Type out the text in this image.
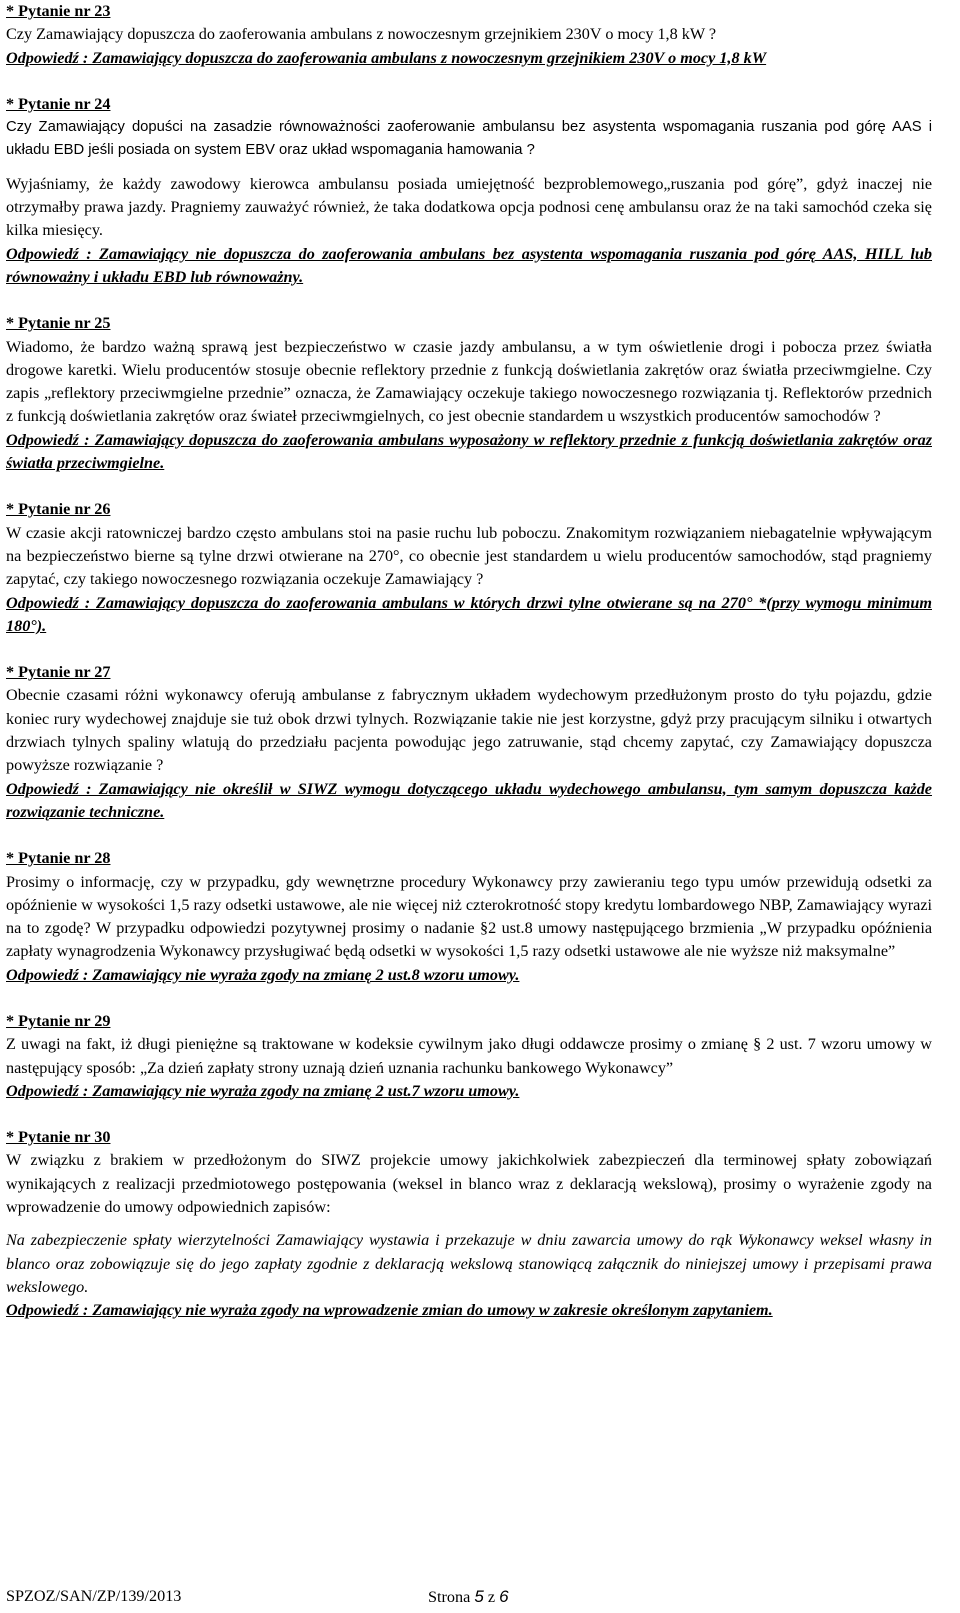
* Pytanie nr 23
Czy Zamawiający dopuszcza do zaoferowania ambulans z nowoczesnym grzejnikiem 230V o mocy 1,8 kW ?
Odpowiedź : Zamawiający dopuszcza do zaoferowania ambulans z nowoczesnym grzejnikiem 230V o mocy 1,8 kW
* Pytanie nr 24
Czy Zamawiający dopuści na zasadzie równoważności zaoferowanie ambulansu bez asystenta wspomagania ruszania pod górę AAS i układu EBD jeśli posiada on system EBV oraz układ wspomagania hamowania ?
Wyjaśniamy, że każdy zawodowy kierowca ambulansu posiada umiejętność bezproblemowego„ruszania pod górę”, gdyż inaczej nie otrzymałby prawa jazdy. Pragniemy zauważyć również, że taka dodatkowa opcja podnosi cenę ambulansu oraz że na taki samochód czeka się kilka miesięcy.
Odpowiedź : Zamawiający nie dopuszcza do zaoferowania ambulans bez asystenta wspomagania ruszania pod górę AAS, HILL lub równoważny i układu EBD lub równoważny.
* Pytanie nr 25
Wiadomo, że bardzo ważną sprawą jest bezpieczeństwo w czasie jazdy ambulansu, a w tym oświetlenie drogi i pobocza przez światła drogowe karetki. Wielu producentów stosuje obecnie reflektory przednie z funkcją doświetlania zakrętów oraz światła przeciwmgielne. Czy zapis „reflektory przeciwmgielne przednie” oznacza, że Zamawiający oczekuje takiego nowoczesnego rozwiązania tj. Reflektorów przednich z funkcją doświetlania zakrętów oraz świateł przeciwmgielnych, co jest obecnie standardem u wszystkich producentów samochodów ?
Odpowiedź : Zamawiający dopuszcza do zaoferowania ambulans wyposażony w reflektory przednie z funkcją doświetlania zakrętów oraz światła przeciwmgielne.
* Pytanie nr 26
W czasie akcji ratowniczej bardzo często ambulans stoi na pasie ruchu lub poboczu. Znakomitym rozwiązaniem niebagatelnie wpływającym na bezpieczeństwo bierne są tylne drzwi otwierane na 270°, co obecnie jest standardem u wielu producentów samochodów, stąd pragniemy zapytać, czy takiego nowoczesnego rozwiązania oczekuje Zamawiający ?
Odpowiedź : Zamawiający dopuszcza do zaoferowania ambulans w których drzwi tylne otwierane są na 270° *(przy wymogu minimum 180°).
* Pytanie nr 27
Obecnie czasami różni wykonawcy oferują ambulanse z fabrycznym układem wydechowym przedłużonym prosto do tyłu pojazdu, gdzie koniec rury wydechowej znajduje sie tuż obok drzwi tylnych. Rozwiązanie takie nie jest korzystne, gdyż przy pracującym silniku i otwartych drzwiach tylnych spaliny wlatują do przedziału pacjenta powodując jego zatruwanie, stąd chcemy zapytać, czy Zamawiający dopuszcza powyższe rozwiązanie ?
Odpowiedź : Zamawiający nie określił w SIWZ wymogu dotyczącego układu wydechowego ambulansu, tym samym dopuszcza każde rozwiązanie techniczne.
* Pytanie nr 28
Prosimy o informację, czy w przypadku, gdy wewnętrzne procedury Wykonawcy przy zawieraniu tego typu umów przewidują odsetki za opóźnienie w wysokości 1,5 razy odsetki ustawowe, ale nie więcej niż czterokrotność stopy kredytu lombardowego NBP, Zamawiający wyrazi na to zgodę? W przypadku odpowiedzi pozytywnej prosimy o nadanie §2 ust.8 umowy następującego brzmienia „W przypadku opóźnienia zapłaty wynagrodzenia Wykonawcy przysługiwać będą odsetki w wysokości 1,5 razy odsetki ustawowe ale nie wyższe niż maksymalne”
Odpowiedź : Zamawiający nie wyraża zgody na zmianę 2 ust.8 wzoru umowy.
* Pytanie nr 29
Z uwagi na fakt, iż długi pieniężne są traktowane w kodeksie cywilnym jako długi oddawcze prosimy o zmianę § 2 ust. 7 wzoru umowy w następujący sposób: „Za dzień zapłaty strony uznają dzień uznania rachunku bankowego Wykonawcy”
Odpowiedź : Zamawiający nie wyraża zgody na zmianę 2 ust.7 wzoru umowy.
* Pytanie nr 30
W związku z brakiem w przedłożonym do SIWZ projekcie umowy jakichkolwiek zabezpieczeń dla terminowej spłaty zobowiązań wynikających z realizacji przedmiotowego postępowania (weksel in blanco wraz z deklaracją wekslową), prosimy o wyrażenie zgody na wprowadzenie do umowy odpowiednich zapisów:
Na zabezpieczenie spłaty wierzytelności Zamawiający wystawia i przekazuje w dniu zawarcia umowy do rąk Wykonawcy weksel własny in blanco oraz zobowiązuje się do jego zapłaty zgodnie z deklaracją wekslową stanowiącą załącznik do niniejszej umowy i przepisami prawa wekslowego.
Odpowiedź : Zamawiający nie wyraża zgody na wprowadzenie zmian do umowy w zakresie określonym zapytaniem.
SPZOZ/SAN/ZP/139/2013	Strona 5 z 6
